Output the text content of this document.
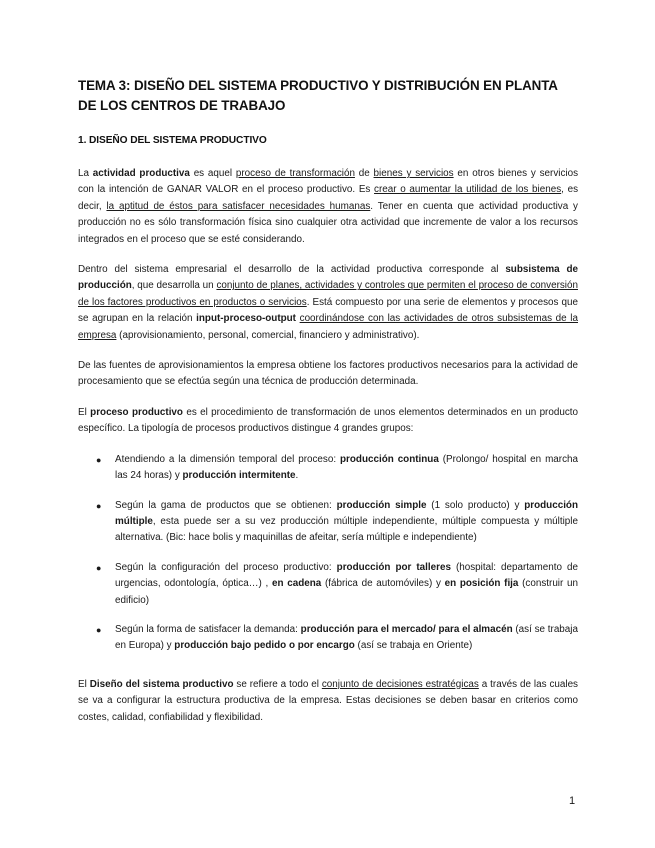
TEMA 3: DISEÑO DEL SISTEMA PRODUCTIVO Y DISTRIBUCIÓN EN PLANTA DE LOS CENTROS DE TRABAJO
1. DISEÑO DEL SISTEMA PRODUCTIVO

La actividad productiva es aquel proceso de transformación de bienes y servicios en otros bienes y servicios con la intención de GANAR VALOR en el proceso productivo. Es crear o aumentar la utilidad de los bienes, es decir, la aptitud de éstos para satisfacer necesidades humanas. Tener en cuenta que actividad productiva y producción no es sólo transformación física sino cualquier otra actividad que incremente de valor a los recursos integrados en el proceso que se esté considerando.

Dentro del sistema empresarial el desarrollo de la actividad productiva corresponde al subsistema de producción, que desarrolla un conjunto de planes, actividades y controles que permiten el proceso de conversión de los factores productivos en productos o servicios. Está compuesto por una serie de elementos y procesos que se agrupan en la relación input-proceso-output coordinándose con las actividades de otros subsistemas de la empresa (aprovisionamiento, personal, comercial, financiero y administrativo).

De las fuentes de aprovisionamientos la empresa obtiene los factores productivos necesarios para la actividad de procesamiento que se efectúa según una técnica de producción determinada.

El proceso productivo es el procedimiento de transformación de unos elementos determinados en un producto específico. La tipología de procesos productivos distingue 4 grandes grupos:

● Atendiendo a la dimensión temporal del proceso: producción continua (Prolongo/ hospital en marcha las 24 horas) y producción intermitente.
● Según la gama de productos que se obtienen: producción simple (1 solo producto) y producción múltiple, esta puede ser a su vez producción múltiple independiente, múltiple compuesta y múltiple alternativa. (Bic: hace bolis y maquinillas de afeitar, sería múltiple e independiente)
● Según la configuración del proceso productivo: producción por talleres (hospital: departamento de urgencias, odontología, óptica…) , en cadena (fábrica de automóviles) y en posición fija (construir un edificio)
● Según la forma de satisfacer la demanda: producción para el mercado/ para el almacén (así se trabaja en Europa) y producción bajo pedido o por encargo (así se trabaja en Oriente)

El Diseño del sistema productivo se refiere a todo el conjunto de decisiones estratégicas a través de las cuales se va a configurar la estructura productiva de la empresa. Estas decisiones se deben basar en criterios como costes, calidad, confiabilidad y flexibilidad.

1
